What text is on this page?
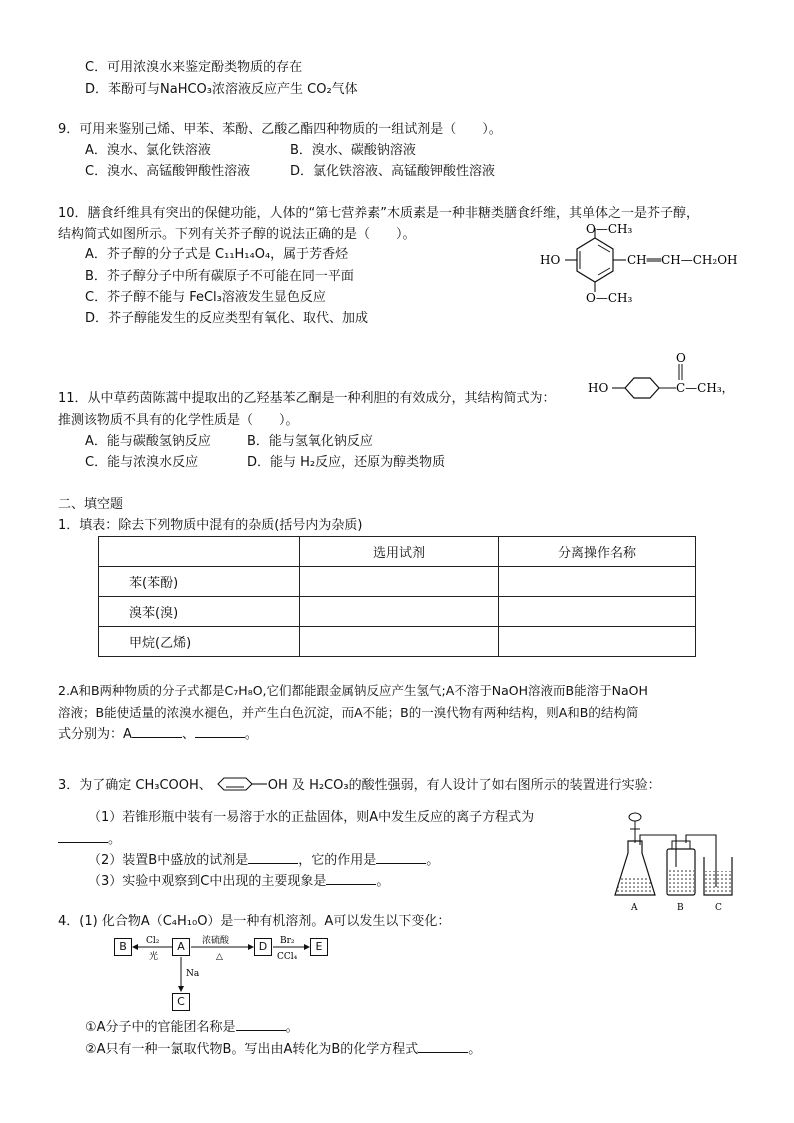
C．可用浓溴水来鉴定酚类物质的存在
D．苯酚可与NaHCO₃浓溶液反应产生 CO₂气体
9．可用来鉴别己烯、甲苯、苯酚、乙酸乙酯四种物质的一组试剂是（　　）。
A．溴水、氯化铁溶液	B．溴水、碳酸钠溶液
C．溴水、高锰酸钾酸性溶液	D．氯化铁溶液、高锰酸钾酸性溶液
10．膳食纤维具有突出的保健功能，人体的“第七营养素”木质素是一种非糖类膳食纤维，其单体之一是芥子醇，
结构简式如图所示。下列有关芥子醇的说法正确的是（　　）。
A．芥子醇的分子式是 C₁₁H₁₄O₄，属于芳香烃
B．芥子醇分子中所有碳原子不可能在同一平面
C．芥子醇不能与 FeCl₃溶液发生显色反应
D．芥子醇能发生的反应类型有氧化、取代、加成
O—CH₃
O—CH₃
HO	CH══CH—CH₂OH
11．从中草药茵陈蒿中提取出的乙羟基苯乙酮是一种利胆的有效成分，其结构简式为：
推测该物质不具有的化学性质是（　　）。
A．能与碳酸氢钠反应	B．能与氢氧化钠反应
C．能与浓溴水反应	D．能与 H₂反应，还原为醇类物质
HO
O
C—CH₃，
二、填空题
1．填表：除去下列物质中混有的杂质(括号内为杂质)
	选用试剂	分离操作名称
苯(苯酚)		
溴苯(溴)		
甲烷(乙烯)		
2.A和B两种物质的分子式都是C₇H₈O,它们都能跟金属钠反应产生氢气;A不溶于NaOH溶液而B能溶于NaOH
溶液；B能使适量的浓溴水褪色，并产生白色沉淀，而A不能；B的一溴代物有两种结构，则A和B的结构简
式分别为：A	、	。
3．为了确定 CH₃COOH、	OH 及 H₂CO₃的酸性强弱，有人设计了如右图所示的装置进行实验：
（1）若锥形瓶中装有一易溶于水的正盐固体，则A中发生反应的离子方程式为
。
（2）装置B中盛放的试剂是	，它的作用是	。
（3）实验中观察到C中出现的主要现象是	。
A	B	C
4．(1) 化合物A（C₄H₁₀O）是一种有机溶剂。A可以发生以下变化：
B	A	D	E
C
Cl₂
光
浓硫酸
△
Br₂
CCl₄
Na
①A分子中的官能团名称是	。
②A只有一种一氯取代物B。写出由A转化为B的化学方程式	。
